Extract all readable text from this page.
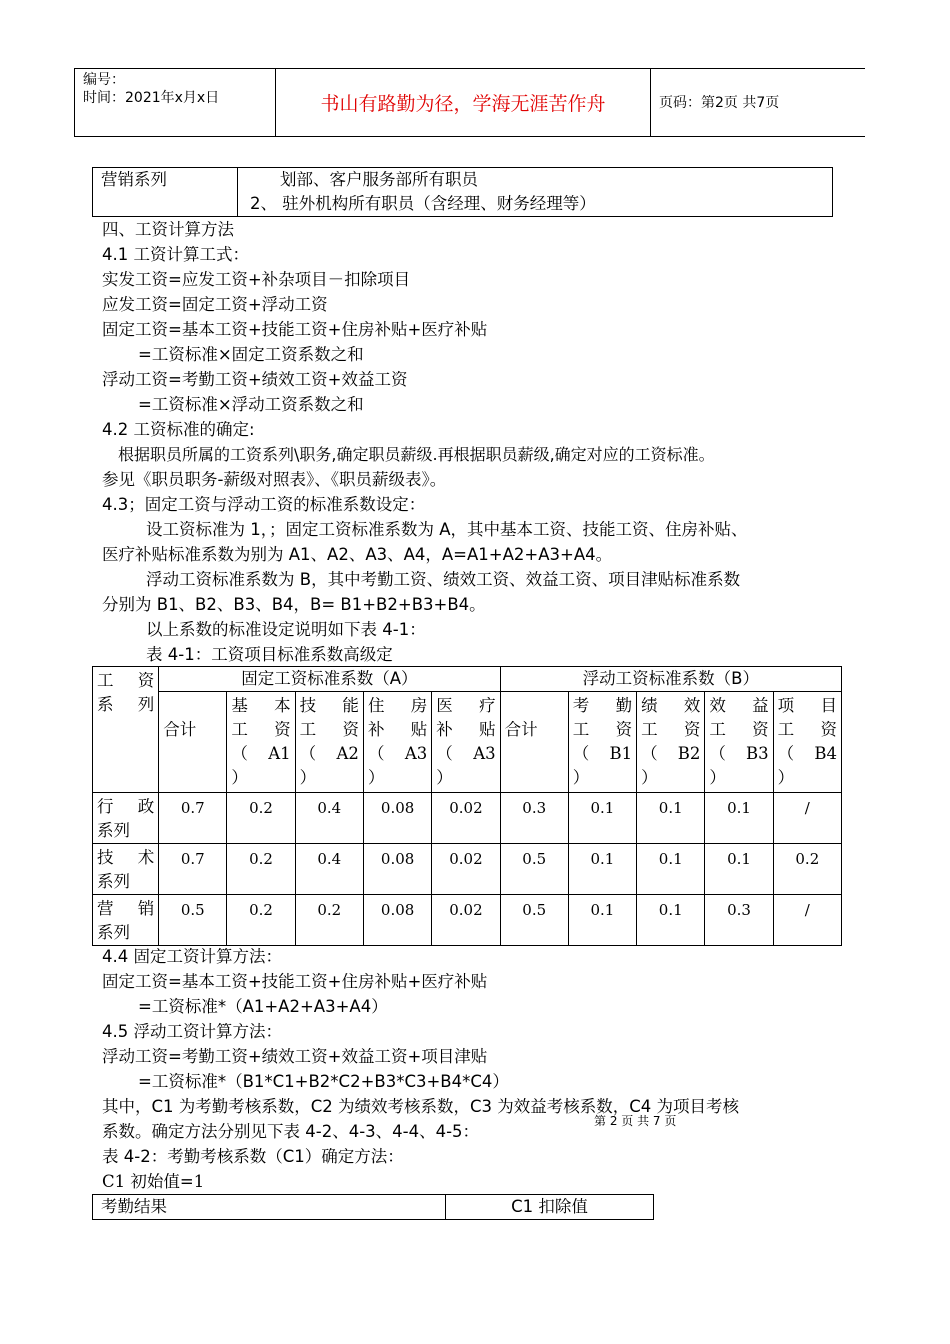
编号：
时间：2021年x月x日	书山有路勤为径，学海无涯苦作舟	页码：第2页 共7页
营销系列	划部、客户服务部所有职员
2、 驻外机构所有职员（含经理、财务经理等）
四、工资计算方法
4.1 工资计算工式：
实发工资=应发工资+补杂项目－扣除项目
应发工资=固定工资+浮动工资
固定工资=基本工资+技能工资+住房补贴+医疗补贴
=工资标准×固定工资系数之和
浮动工资=考勤工资+绩效工资+效益工资
=工资标准×浮动工资系数之和
4.2 工资标准的确定:
根据职员所属的工资系列\职务,确定职员薪级.再根据职员薪级,确定对应的工资标准。
参见《职员职务-薪级对照表》、《职员薪级表》。
4.3；固定工资与浮动工资的标准系数设定：
设工资标准为 1，；固定工资标准系数为 A，其中基本工资、技能工资、住房补贴、
医疗补贴标准系数为别为 A1、A2、A3、A4，A=A1+A2+A3+A4。
浮动工资标准系数为 B，其中考勤工资、绩效工资、效益工资、项目津贴标准系数
分别为 B1、B2、B3、B4，B= B1+B2+B3+B4。
以上系数的标准设定说明如下表 4-1：
表 4-1：工资项目标准系数高级定
工 资
系列	固定工资标准系数（A）					浮动工资标准系数（B）				

	合计	基 本
工 资
（ A1
）	技 能
工资
（ A2
）	住 房
补贴
（ A3
）	医 疗
补贴
（ A3
）	合计	考 勤
工资
（ B1
）	绩 效
工资
（ B2
）	效 益
工资
（ B3
）	项 目
工资
（ B4
）

行 政
系列	0.7	0.2	0.4	0.08	0.02	0.3	0.1	0.1	0.1	/

技 术
系列	0.7	0.2	0.4	0.08	0.02	0.5	0.1	0.1	0.1	0.2

营 销
系列	0.5	0.2	0.2	0.08	0.02	0.5	0.1	0.1	0.3	/
4.4 固定工资计算方法：
固定工资=基本工资+技能工资+住房补贴+医疗补贴
=工资标准*（A1+A2+A3+A4）
4.5 浮动工资计算方法：
浮动工资=考勤工资+绩效工资+效益工资+项目津贴
=工资标准*（B1*C1+B2*C2+B3*C3+B4*C4）
其中，C1 为考勤考核系数，C2 为绩效考核系数，C3 为效益考核系数，C4 为项目考核
系数。确定方法分别见下表 4-2、4-3、4-4、4-5：
第 2 页 共 7 页
表 4-2：考勤考核系数（C1）确定方法：
C1 初始值=1
考勤结果	C1 扣除值
